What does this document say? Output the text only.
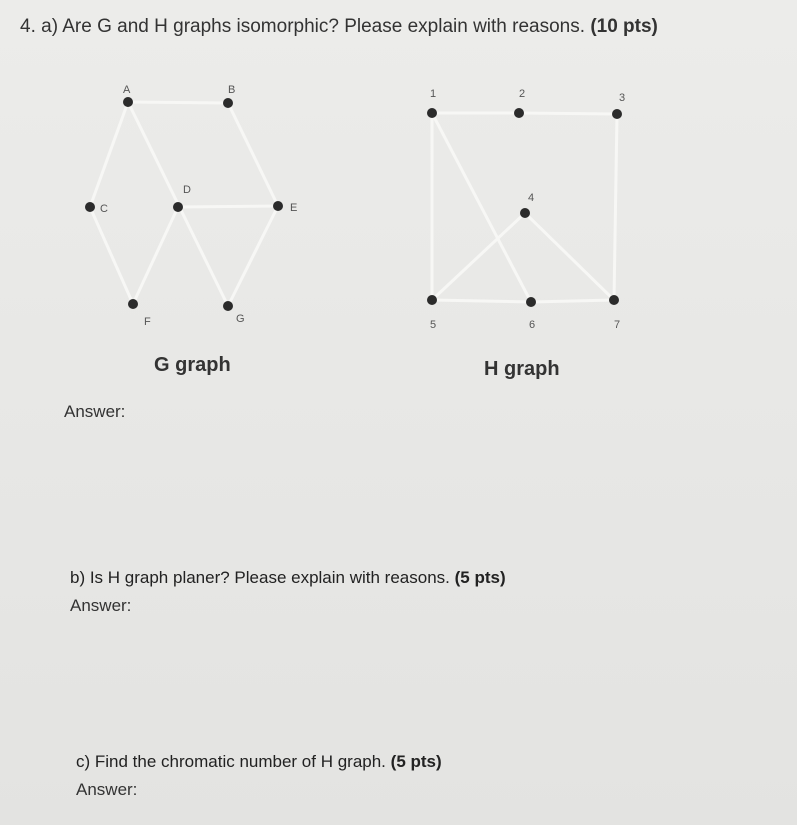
4. a) Are G and H graphs isomorphic? Please explain with reasons. (10 pts)
A	B
C
D
E
F	G
1	2	3
4
5	6	7
G graph	H graph
Answer:
b) Is H graph planer? Please explain with reasons. (5 pts)
Answer:
c) Find the chromatic number of H graph. (5 pts)
Answer:
